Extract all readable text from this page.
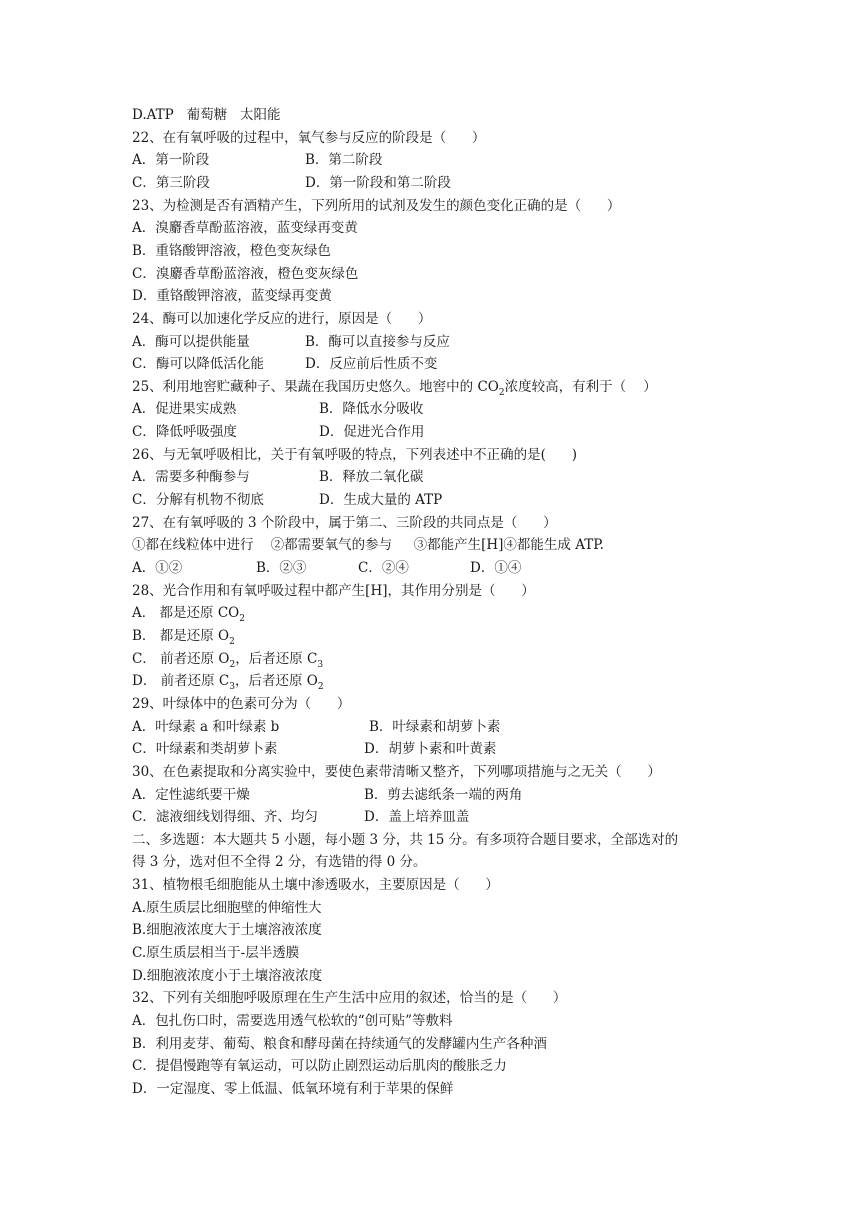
D.ATP   葡萄糖   太阳能
22、在有氧呼吸的过程中，氧气参与反应的阶段是（      ）
A．第一阶段	B．第二阶段
C．第三阶段	D．第一阶段和第二阶段
23、为检测是否有酒精产生，下列所用的试剂及发生的颜色变化正确的是（      ）
A．溴麝香草酚蓝溶液，蓝变绿再变黄
B．重铬酸钾溶液，橙色变灰绿色
C．溴麝香草酚蓝溶液，橙色变灰绿色
D．重铬酸钾溶液，蓝变绿再变黄
24、酶可以加速化学反应的进行，原因是（      ）
A．酶可以提供能量	B．酶可以直接参与反应
C．酶可以降低活化能	D．反应前后性质不变
25、利用地窖贮藏种子、果蔬在我国历史悠久。地窖中的 $CO_2$浓度较高，有利于（    ）
A．促进果实成熟	B．降低水分吸收
C．降低呼吸强度	D．促进光合作用
26、与无氧呼吸相比，关于有氧呼吸的特点，下列表述中不正确的是(      )
A．需要多种酶参与	B．释放二氧化碳
C．分解有机物不彻底	D．生成大量的 ATP
27、在有氧呼吸的 3 个阶段中，属于第二、三阶段的共同点是（      ）
①都在线粒体中进行    ②都需要氧气的参与     ③都能产生[H]④都能生成 ATP.
A．①②	B．②③	C．②④	D．①④
28、光合作用和有氧呼吸过程中都产生[H]，其作用分别是（      ）
A． 都是还原 $CO_2$
B． 都是还原 $O_2$
C． 前者还原 $O_2$，后者还原 $C_3$
D． 前者还原 $C_3$，后者还原 $O_2$
29、叶绿体中的色素可分为（      ）
A．叶绿素 a 和叶绿素 b	B．叶绿素和胡萝卜素
C．叶绿素和类胡萝卜素	D．胡萝卜素和叶黄素
30、在色素提取和分离实验中，要使色素带清晰又整齐，下列哪项措施与之无关（      ）
A．定性滤纸要干燥	B．剪去滤纸条一端的两角
C．滤液细线划得细、齐、均匀	D．盖上培养皿盖
二、多选题：本大题共 5 小题，每小题 3 分，共 15 分。有多项符合题目要求，全部选对的
得 3 分，选对但不全得 2 分，有选错的得 0 分。
31、植物根毛细胞能从土壤中渗透吸水，主要原因是（      ）
A.原生质层比细胞壁的伸缩性大
B.细胞液浓度大于土壤溶液浓度
C.原生质层相当于-层半透膜
D.细胞液浓度小于土壤溶液浓度
32、下列有关细胞呼吸原理在生产生活中应用的叙述，恰当的是（      ）
A．包扎伤口时，需要选用透气松软的“创可贴”等敷料
B．利用麦芽、葡萄、粮食和酵母菌在持续通气的发酵罐内生产各种酒
C．提倡慢跑等有氧运动，可以防止剧烈运动后肌肉的酸胀乏力
D．一定湿度、零上低温、低氧环境有利于苹果的保鲜
